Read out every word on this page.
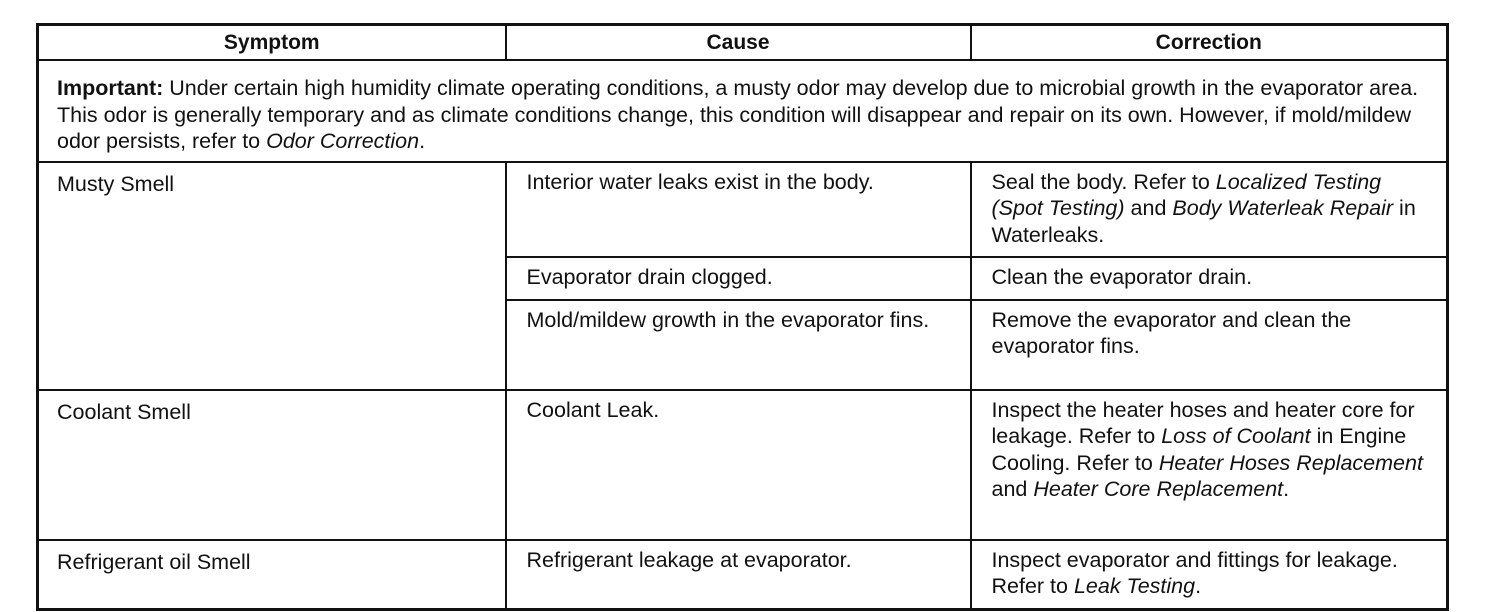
Symptom	Cause	Correction
Important: Under certain high humidity climate operating conditions, a musty odor may develop due to microbial growth in the evaporator area. This odor is generally temporary and as climate conditions change, this condition will disappear and repair on its own. However, if mold/mildew odor persists, refer to Odor Correction.		
Musty Smell	Interior water leaks exist in the body.	Seal the body. Refer to Localized Testing (Spot Testing) and Body Waterleak Repair in Waterleaks.
	Evaporator drain clogged.	Clean the evaporator drain.
	Mold/mildew growth in the evaporator fins.	Remove the evaporator and clean the evaporator fins.
Coolant Smell	Coolant Leak.	Inspect the heater hoses and heater core for leakage. Refer to Loss of Coolant in Engine Cooling. Refer to Heater Hoses Replacement and Heater Core Replacement.
Refrigerant oil Smell	Refrigerant leakage at evaporator.	Inspect evaporator and fittings for leakage. Refer to Leak Testing.
